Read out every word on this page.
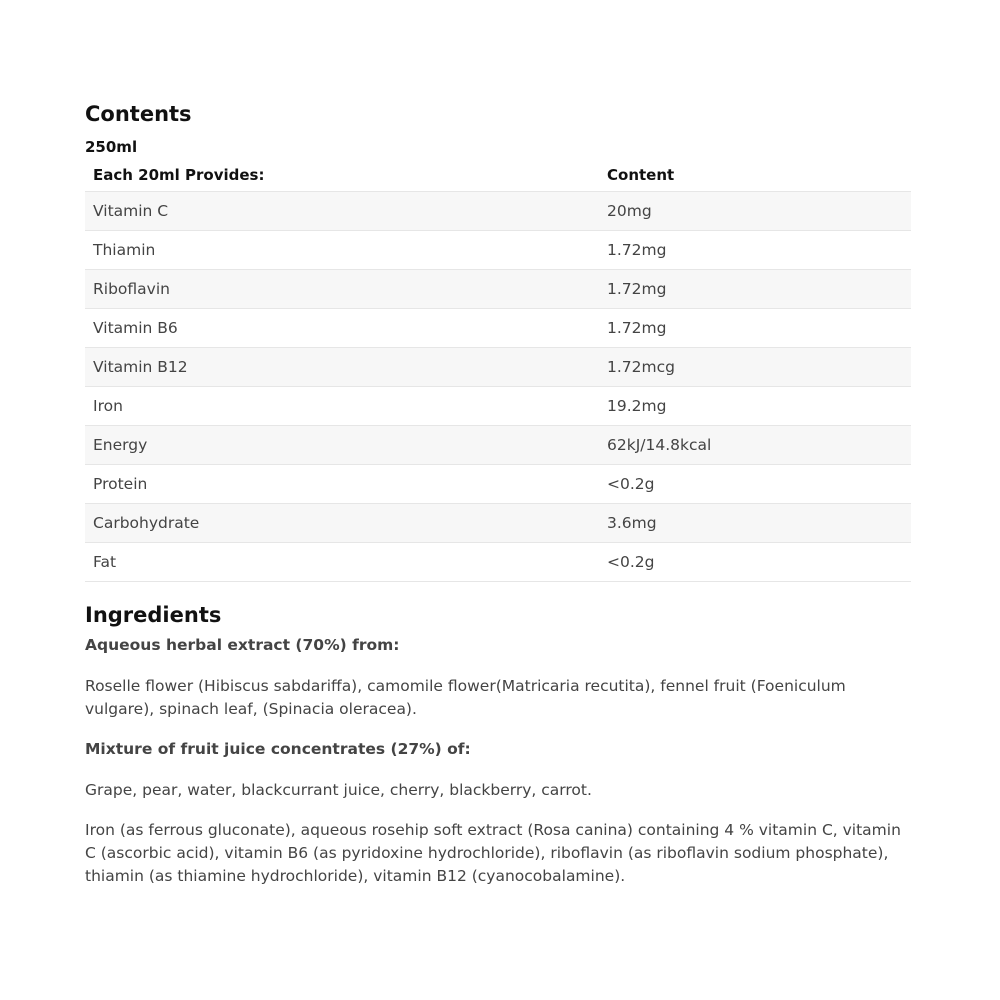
Contents

250ml

Each 20ml Provides:	Content
Vitamin C	20mg
Thiamin	1.72mg
Riboflavin	1.72mg
Vitamin B6	1.72mg
Vitamin B12	1.72mcg
Iron	19.2mg
Energy	62kJ/14.8kcal
Protein	<0.2g
Carbohydrate	3.6mg
Fat	<0.2g
Ingredients

Aqueous herbal extract (70%) from:

Roselle flower (Hibiscus sabdariffa), camomile flower(Matricaria recutita), fennel fruit (Foeniculum vulgare), spinach leaf, (Spinacia oleracea).

Mixture of fruit juice concentrates (27%) of:

Grape, pear, water, blackcurrant juice, cherry, blackberry, carrot.

Iron (as ferrous gluconate), aqueous rosehip soft extract (Rosa canina) containing 4 % vitamin C, vitamin C (ascorbic acid), vitamin B6 (as pyridoxine hydrochloride), riboflavin (as riboflavin sodium phosphate), thiamin (as thiamine hydrochloride), vitamin B12 (cyanocobalamine).
